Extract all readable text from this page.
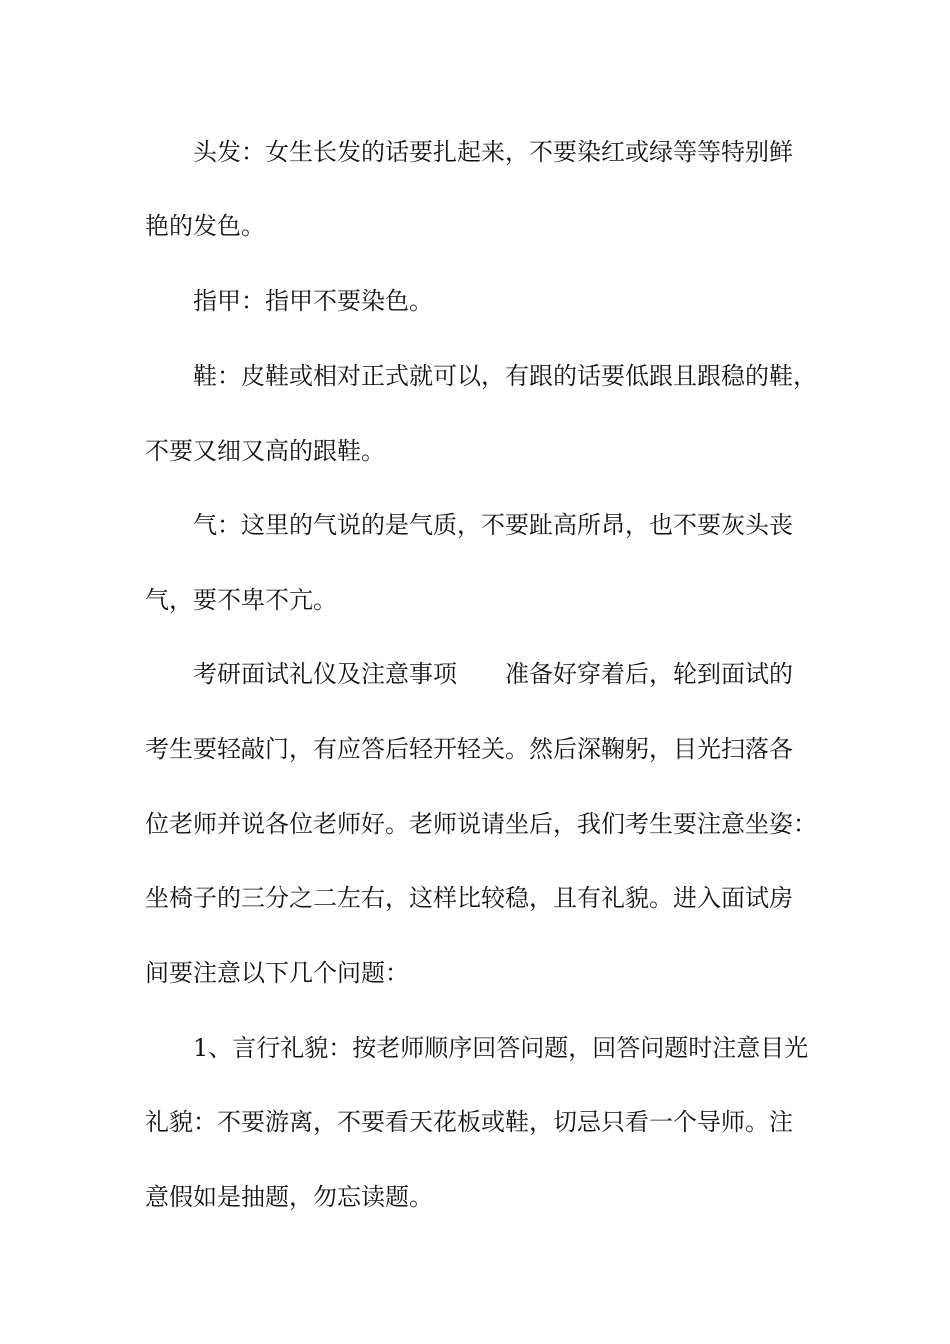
头发：女生长发的话要扎起来，不要染红或绿等等特别鲜
艳的发色。
指甲：指甲不要染色。
鞋：皮鞋或相对正式就可以，有跟的话要低跟且跟稳的鞋，
不要又细又高的跟鞋。
气：这里的气说的是气质，不要趾高所昂，也不要灰头丧
气，要不卑不亢。
考研面试礼仪及注意事项　　准备好穿着后，轮到面试的
考生要轻敲门，有应答后轻开轻关。然后深鞠躬，目光扫落各
位老师并说各位老师好。老师说请坐后，我们考生要注意坐姿：
坐椅子的三分之二左右，这样比较稳，且有礼貌。进入面试房
间要注意以下几个问题：
1、言行礼貌：按老师顺序回答问题，回答问题时注意目光
礼貌：不要游离，不要看天花板或鞋，切忌只看一个导师。注
意假如是抽题，勿忘读题。
